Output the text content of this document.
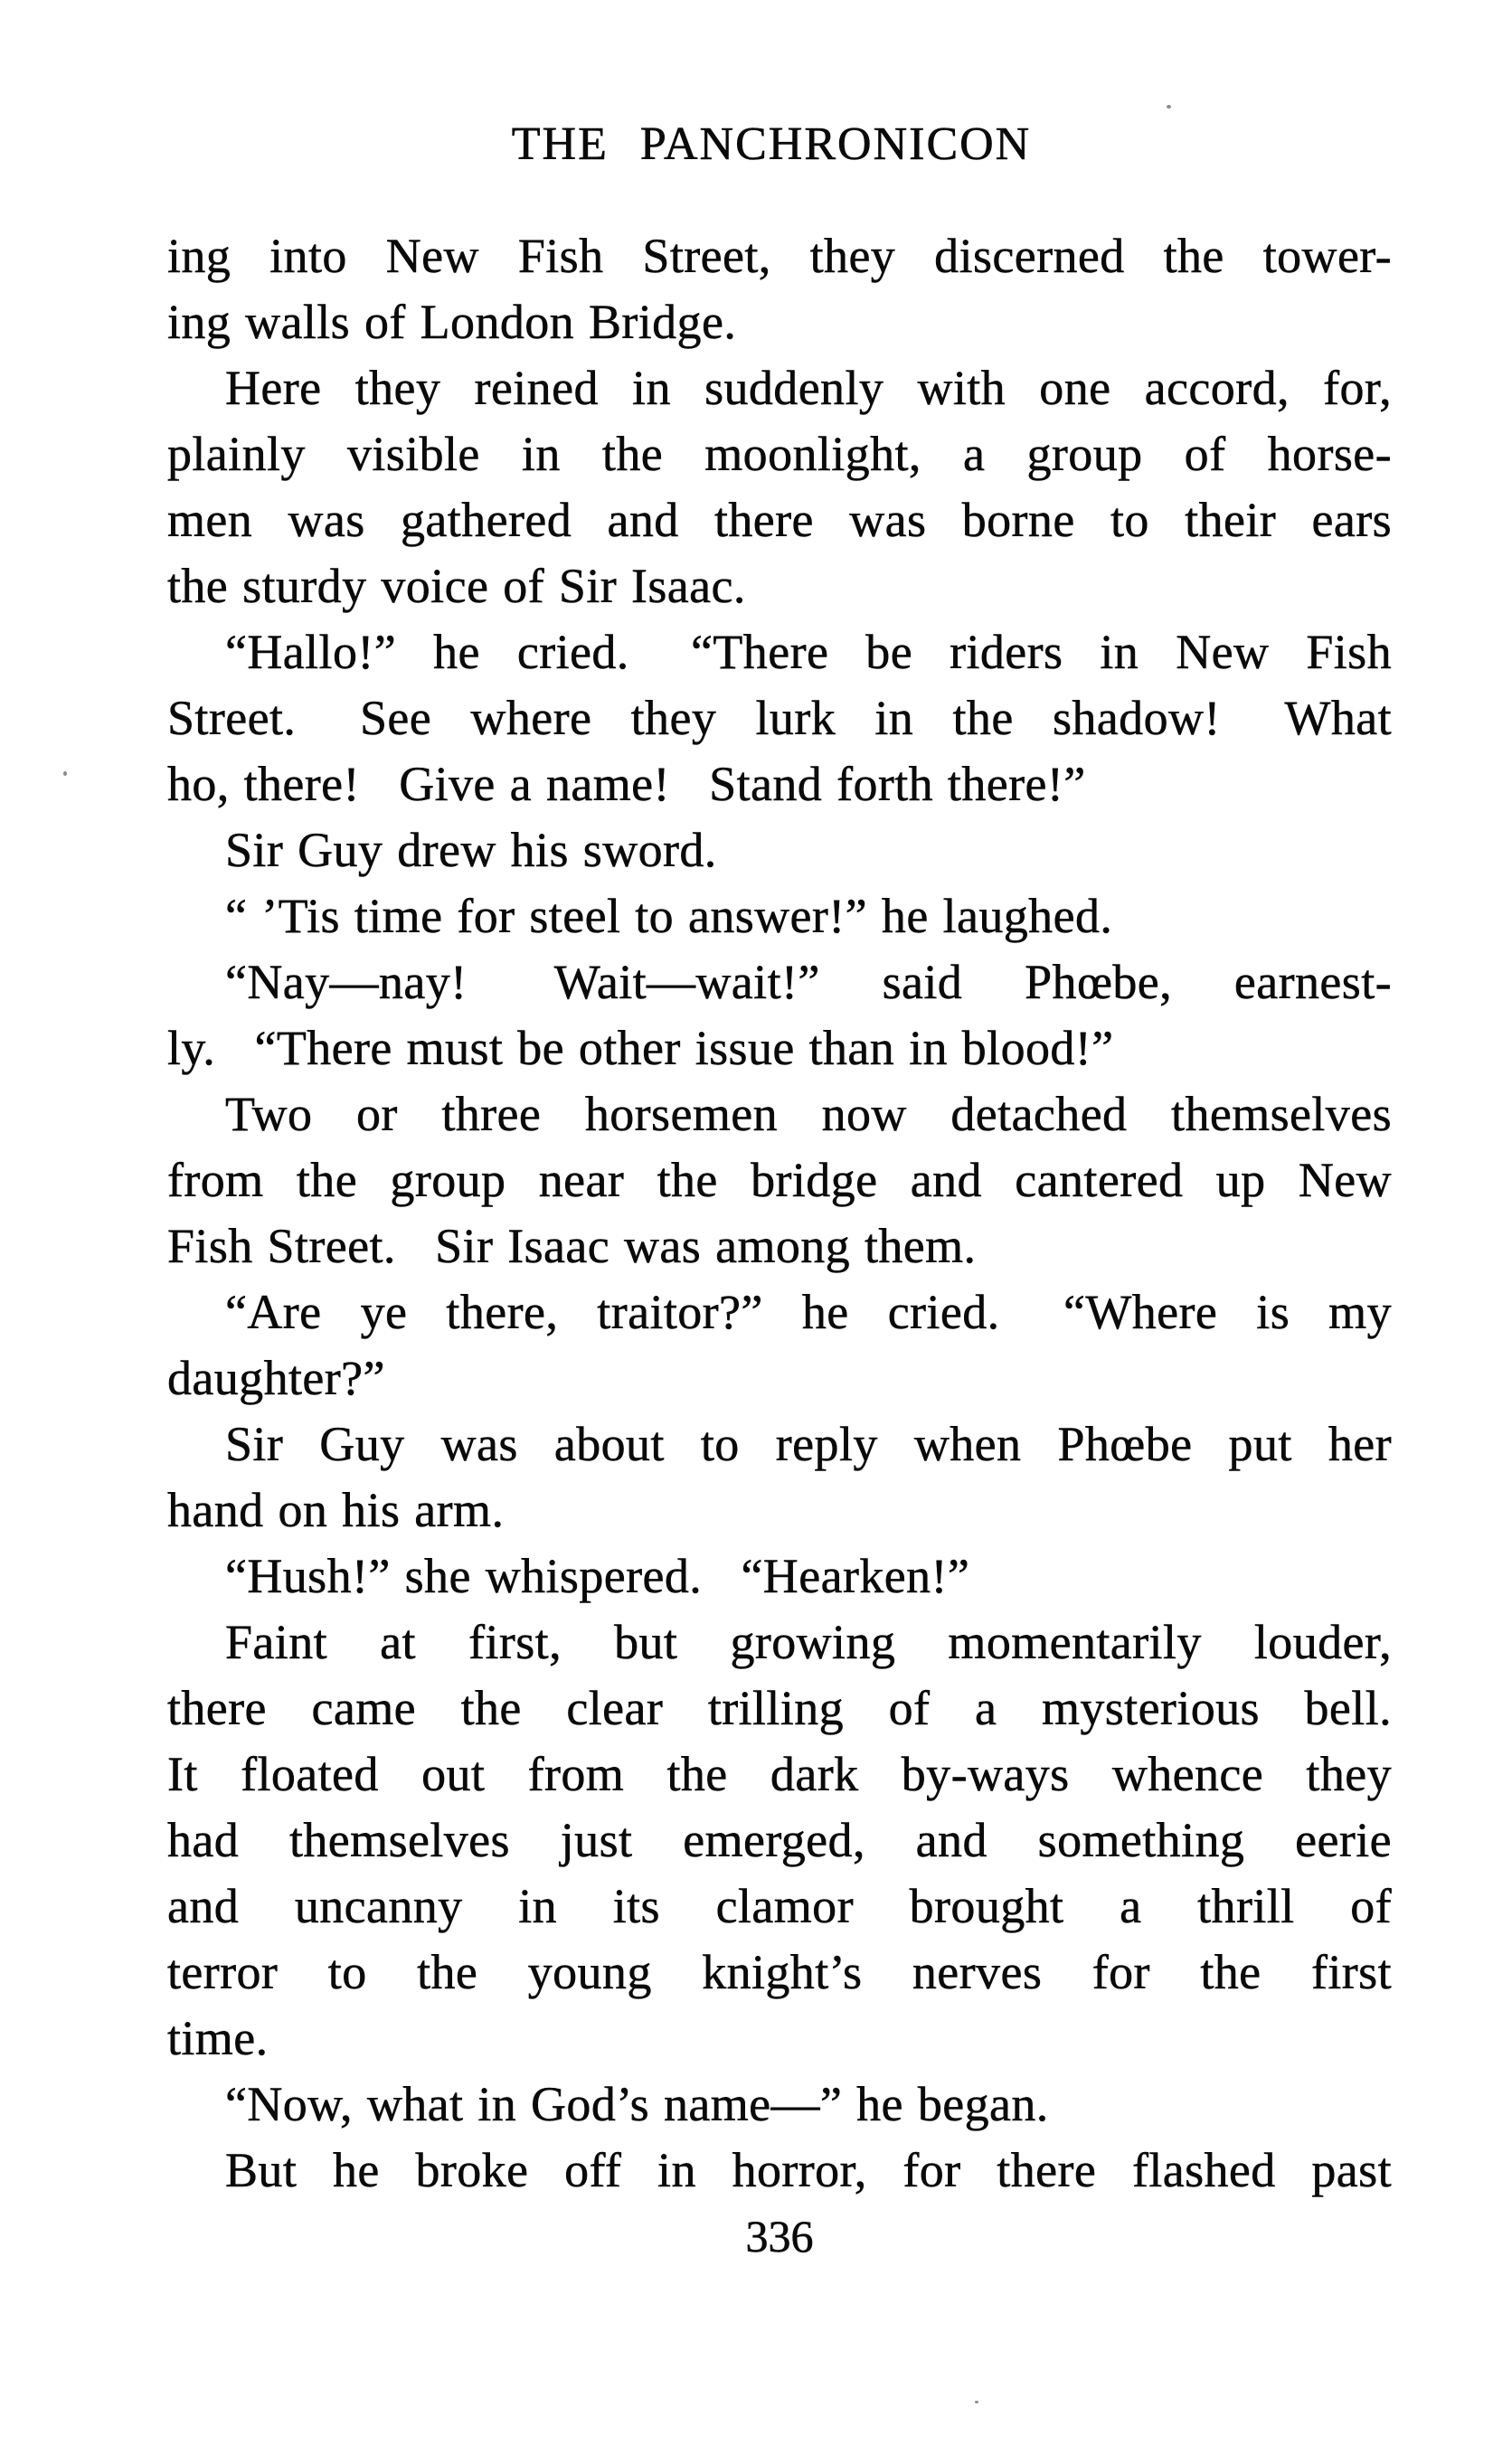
THE PANCHRONICON
ing into New Fish Street, they discerned the tower-
ing walls of London Bridge.
Here they reined in suddenly with one accord, for,
plainly visible in the moonlight, a group of horse-
men was gathered and there was borne to their ears
the sturdy voice of Sir Isaac.
“Hallo!” he cried.  “There be riders in New Fish
Street.  See where they lurk in the shadow!  What
ho, there!  Give a name!  Stand forth there!”
Sir Guy drew his sword.
“ ’Tis time for steel to answer!” he laughed.
“Nay—nay!  Wait—wait!” said Phœbe, earnest-
ly.  “There must be other issue than in blood!”
Two or three horsemen now detached themselves
from the group near the bridge and cantered up New
Fish Street.  Sir Isaac was among them.
“Are ye there, traitor?” he cried.  “Where is my
daughter?”
Sir Guy was about to reply when Phœbe put her
hand on his arm.
“Hush!” she whispered.  “Hearken!”
Faint at first, but growing momentarily louder,
there came the clear trilling of a mysterious bell.
It floated out from the dark by-ways whence they
had themselves just emerged, and something eerie
and uncanny in its clamor brought a thrill of
terror to the young knight’s nerves for the first
time.
“Now, what in God’s name—” he began.
But he broke off in horror, for there flashed past
336
